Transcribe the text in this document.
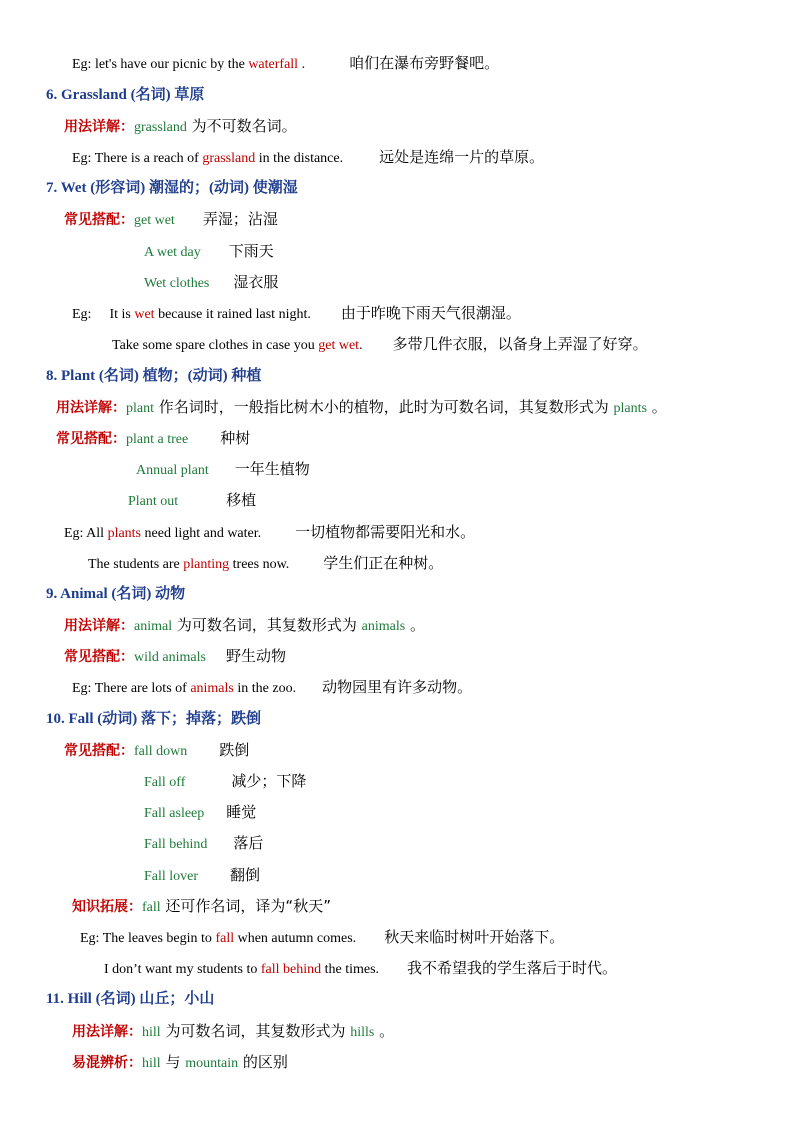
Eg: let's have our picnic by the waterfall .	咱们在瀑布旁野餐吧。
6. Grassland (名词) 草原
用法详解：grassland 为不可数名词。
Eg: There is a reach of grassland in the distance. 远处是连绵一片的草原。
7. Wet (形容词) 潮湿的；(动词) 使潮湿
常见搭配：get wet 弄湿；沾湿
A wet day 下雨天
Wet clothes 湿衣服
Eg: It is wet because it rained last night. 由于昨晚下雨天气很潮湿。
Take some spare clothes in case you get wet. 多带几件衣服，以备身上弄湿了好穿。
8. Plant (名词) 植物；(动词) 种植
用法详解：plant 作名词时，一般指比树木小的植物，此时为可数名词，其复数形式为 plants 。
常见搭配：plant a tree 种树
Annual plant 一年生植物
Plant out	移植
Eg: All plants need light and water. 一切植物都需要阳光和水。
The students are planting trees now. 学生们正在种树。
9. Animal (名词) 动物
用法详解：animal 为可数名词，其复数形式为 animals 。
常见搭配：wild animals 野生动物
Eg: There are lots of animals in the zoo. 动物园里有许多动物。
10. Fall (动词) 落下；掉落；跌倒
常见搭配：fall down 跌倒
Fall off	减少；下降
Fall asleep 睡觉
Fall behind 落后
Fall lover 翻倒
知识拓展：fall 还可作名词，译为“秋天”
Eg: The leaves begin to fall when autumn comes. 秋天来临时树叶开始落下。
I don’t want my students to fall behind the times. 我不希望我的学生落后于时代。
11. Hill (名词) 山丘；小山
用法详解：hill 为可数名词，其复数形式为 hills 。
易混辨析：hill 与 mountain 的区别
